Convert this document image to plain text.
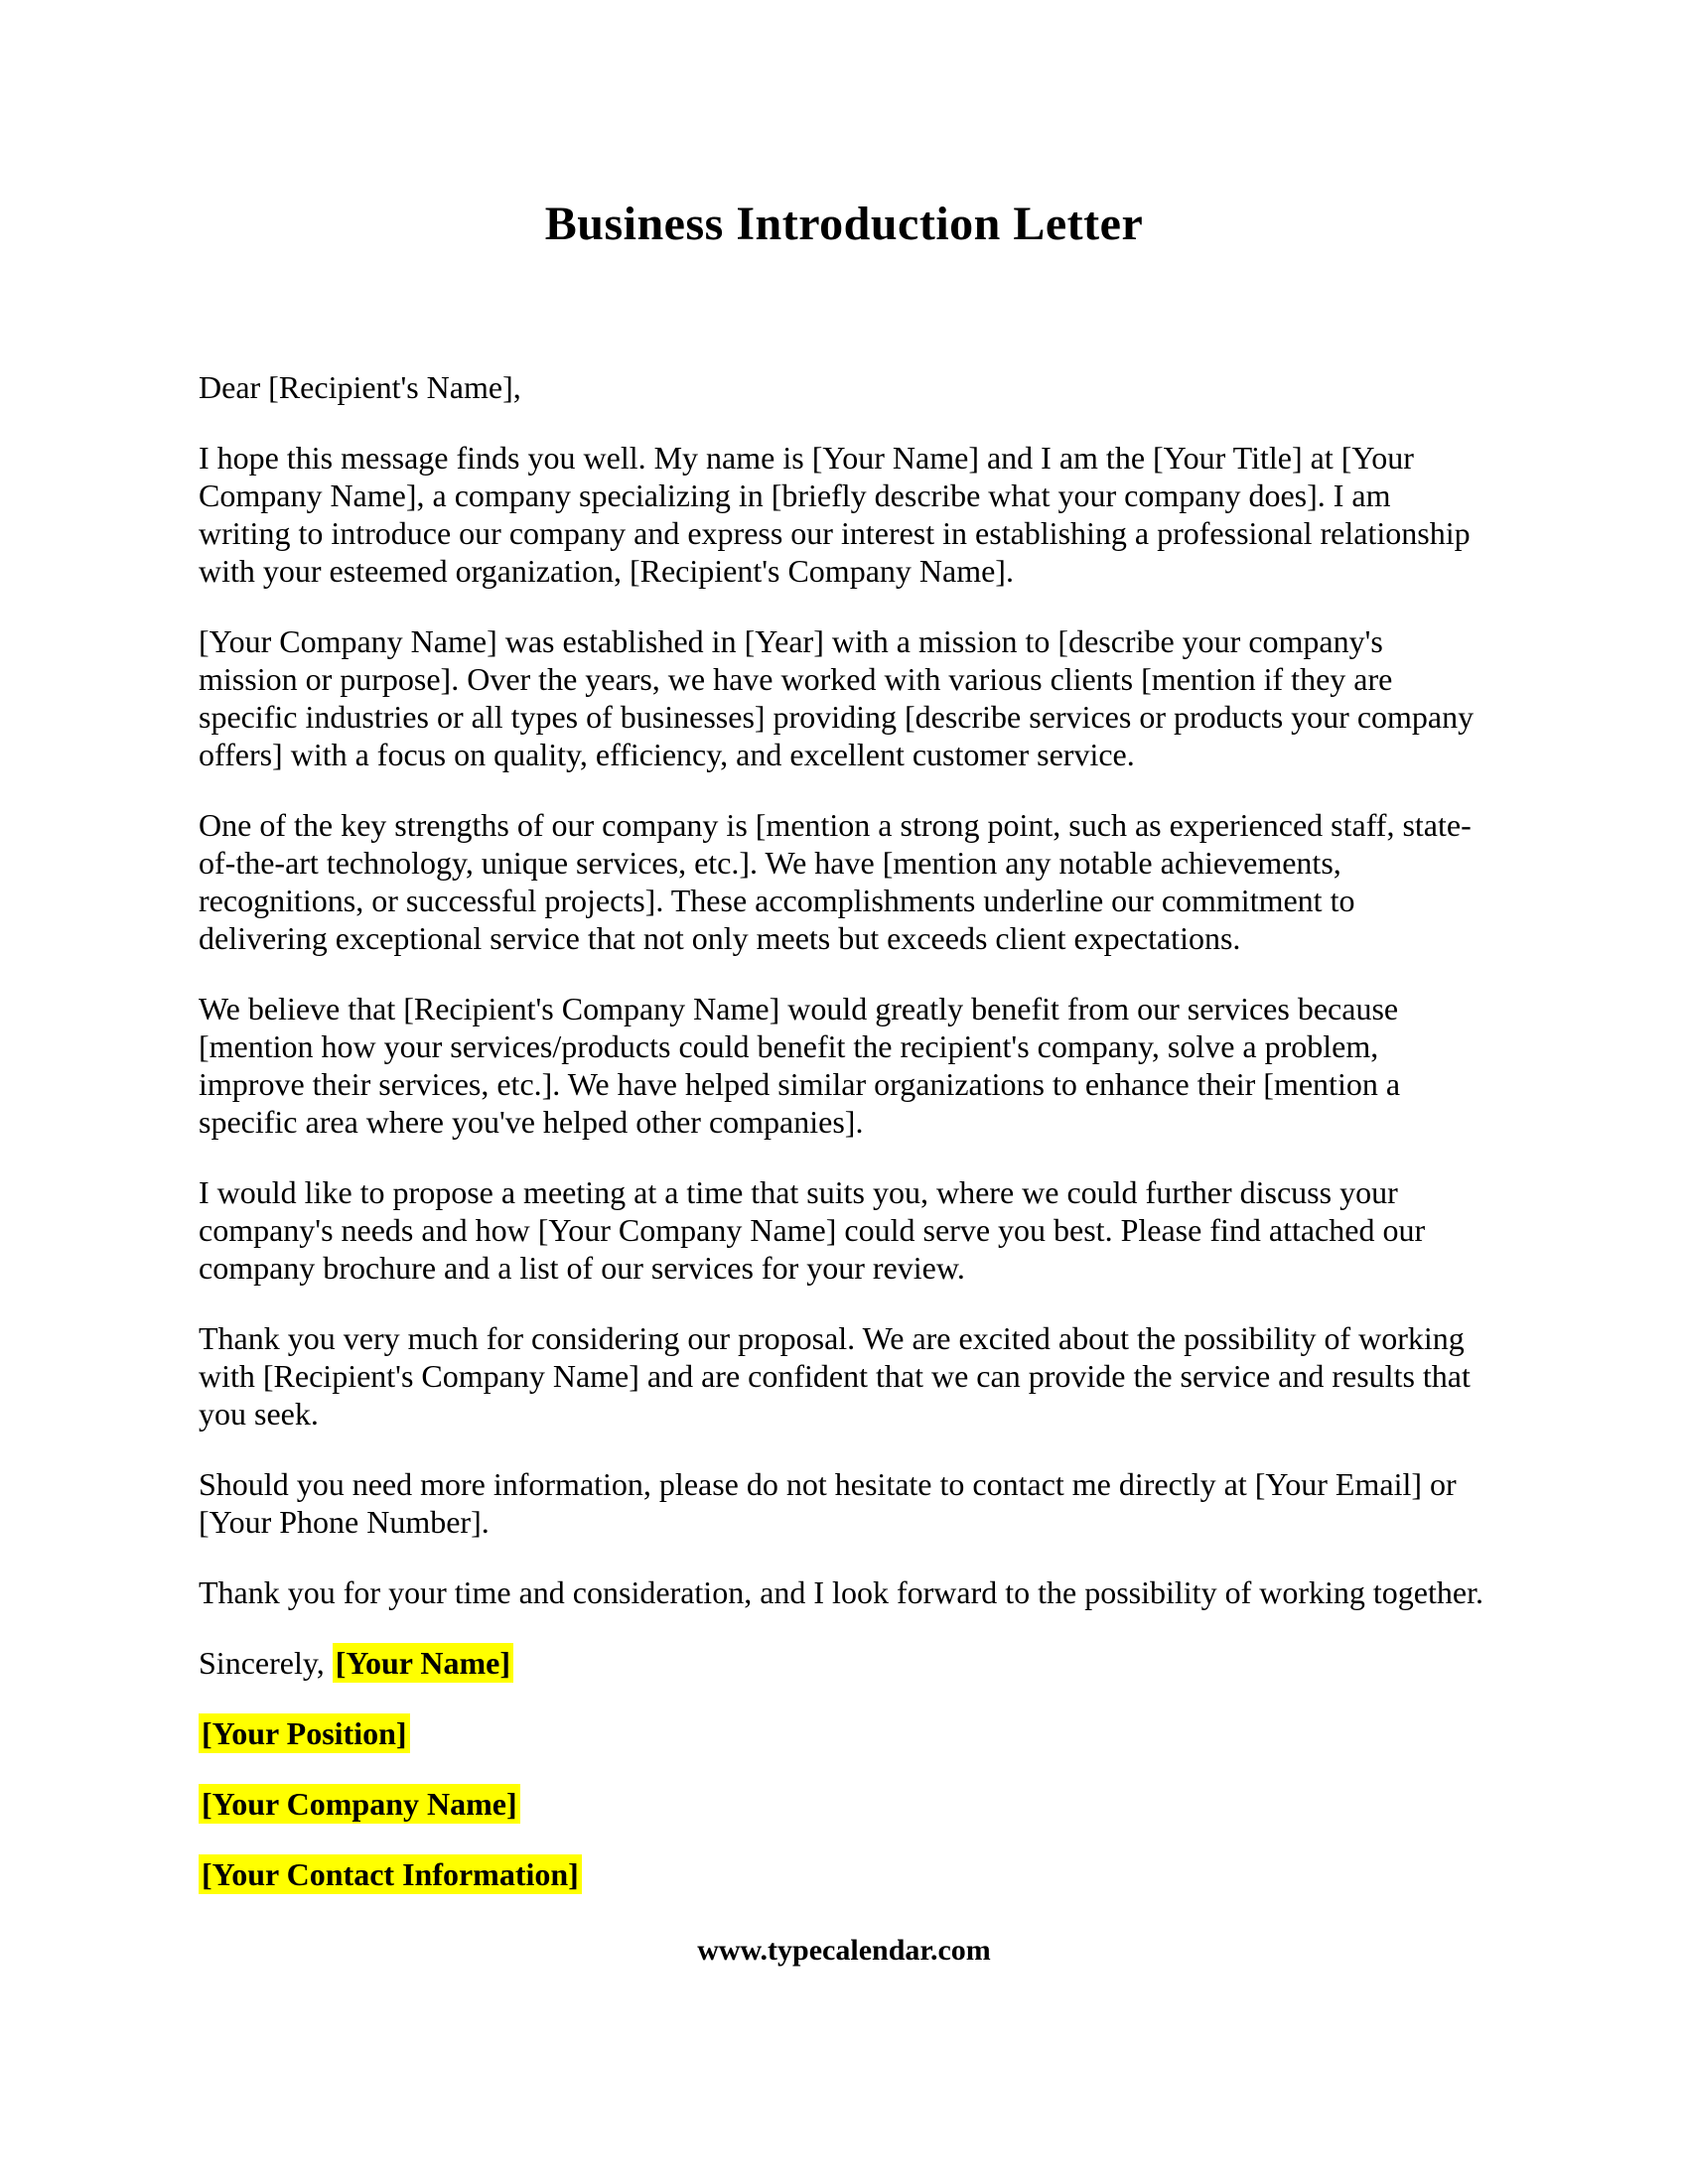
Business Introduction Letter

Dear [Recipient's Name],

I hope this message finds you well. My name is [Your Name] and I am the [Your Title] at [Your Company Name], a company specializing in [briefly describe what your company does]. I am writing to introduce our company and express our interest in establishing a professional relationship with your esteemed organization, [Recipient's Company Name].

[Your Company Name] was established in [Year] with a mission to [describe your company's mission or purpose]. Over the years, we have worked with various clients [mention if they are specific industries or all types of businesses] providing [describe services or products your company offers] with a focus on quality, efficiency, and excellent customer service.

One of the key strengths of our company is [mention a strong point, such as experienced staff, state-of-the-art technology, unique services, etc.]. We have [mention any notable achievements, recognitions, or successful projects]. These accomplishments underline our commitment to delivering exceptional service that not only meets but exceeds client expectations.

We believe that [Recipient's Company Name] would greatly benefit from our services because [mention how your services/products could benefit the recipient's company, solve a problem, improve their services, etc.]. We have helped similar organizations to enhance their [mention a specific area where you've helped other companies].

I would like to propose a meeting at a time that suits you, where we could further discuss your company's needs and how [Your Company Name] could serve you best. Please find attached our company brochure and a list of our services for your review.

Thank you very much for considering our proposal. We are excited about the possibility of working with [Recipient's Company Name] and are confident that we can provide the service and results that you seek.

Should you need more information, please do not hesitate to contact me directly at [Your Email] or [Your Phone Number].

Thank you for your time and consideration, and I look forward to the possibility of working together.

Sincerely, [Your Name]

[Your Position]

[Your Company Name]

[Your Contact Information]

www.typecalendar.com
